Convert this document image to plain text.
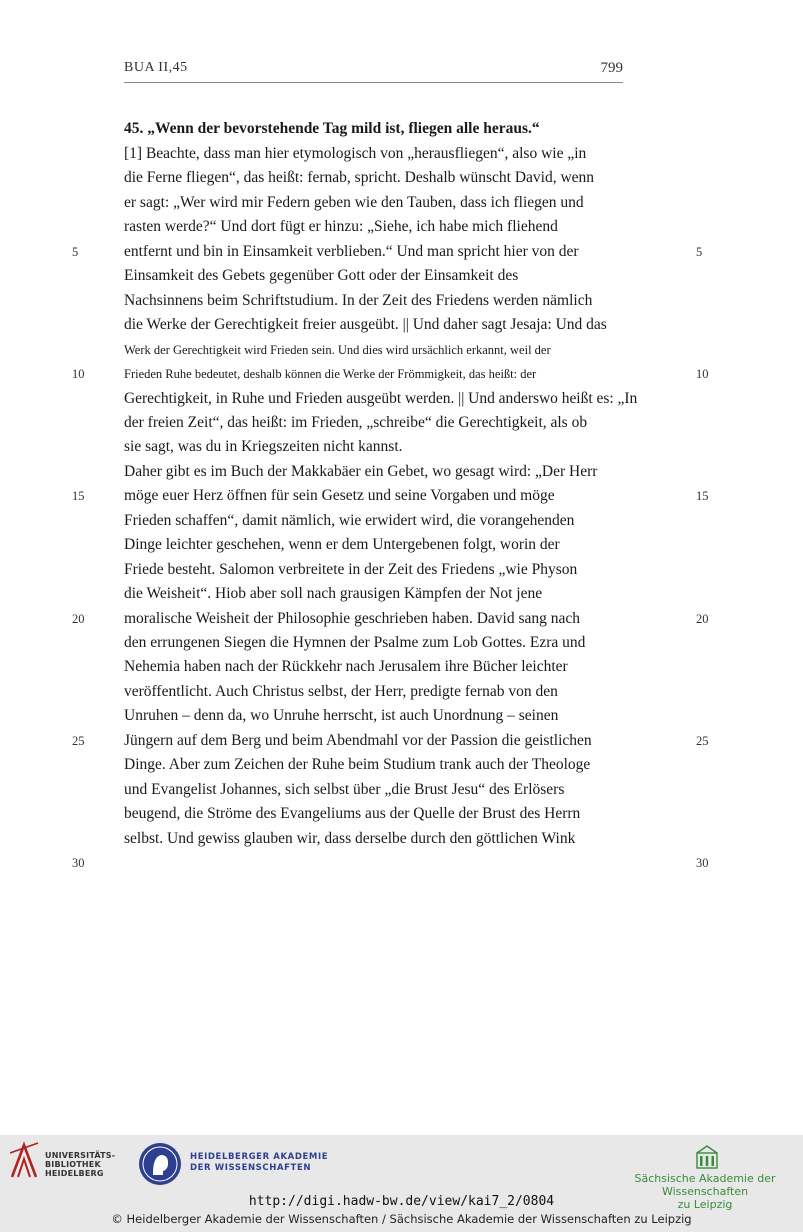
BUA II,45	799
45. „Wenn der bevorstehende Tag mild ist, fliegen alle heraus.“
[1] Beachte, dass man hier etymologisch von „herausfliegen“, also wie „in
die Ferne fliegen“, das heißt: fernab, spricht. Deshalb wünscht David, wenn
er sagt: „Wer wird mir Federn geben wie den Tauben, dass ich fliegen und
rasten werde?“ Und dort fügt er hinzu: „Siehe, ich habe mich fliehend
entfernt und bin in Einsamkeit verblieben.“ Und man spricht hier von der
Einsamkeit des Gebets gegenüber Gott oder der Einsamkeit des
Nachsinnens beim Schriftstudium. In der Zeit des Friedens werden nämlich
die Werke der Gerechtigkeit freier ausgeübt. || Und daher sagt Jesaja: Und das
Werk der Gerechtigkeit wird Frieden sein. Und dies wird ursächlich erkannt, weil der
Frieden Ruhe bedeutet, deshalb können die Werke der Frömmigkeit, das heißt: der
Gerechtigkeit, in Ruhe und Frieden ausgeübt werden. || Und anderswo heißt es: „In
der freien Zeit“, das heißt: im Frieden, „schreibe“ die Gerechtigkeit, als ob
sie sagt, was du in Kriegszeiten nicht kannst.
Daher gibt es im Buch der Makkabäer ein Gebet, wo gesagt wird: „Der Herr
möge euer Herz öffnen für sein Gesetz und seine Vorgaben und möge
Frieden schaffen“, damit nämlich, wie erwidert wird, die vorangehenden
Dinge leichter geschehen, wenn er dem Untergebenen folgt, worin der
Friede besteht. Salomon verbreitete in der Zeit des Friedens „wie Physon
die Weisheit“. Hiob aber soll nach grausigen Kämpfen der Not jene
moralische Weisheit der Philosophie geschrieben haben. David sang nach
den errungenen Siegen die Hymnen der Psalme zum Lob Gottes. Ezra und
Nehemia haben nach der Rückkehr nach Jerusalem ihre Bücher leichter
veröffentlicht. Auch Christus selbst, der Herr, predigte fernab von den
Unruhen – denn da, wo Unruhe herrscht, ist auch Unordnung – seinen
Jüngern auf dem Berg und beim Abendmahl vor der Passion die geistlichen
Dinge. Aber zum Zeichen der Ruhe beim Studium trank auch der Theologe
und Evangelist Johannes, sich selbst über „die Brust Jesu“ des Erlösers
beugend, die Ströme des Evangeliums aus der Quelle der Brust des Herrn
selbst. Und gewiss glauben wir, dass derselbe durch den göttlichen Wink
5	5
10	10
15	15
20	20
25	25
30	30
UNIVERSITÄTS-
BIBLIOTHEK
HEIDELBERG
HEIDELBERGER AKADEMIE
DER WISSENSCHAFTEN
Sächsische Akademie der Wissenschaften
zu Leipzig
http://digi.hadw-bw.de/view/kai7_2/0804
© Heidelberger Akademie der Wissenschaften / Sächsische Akademie der Wissenschaften zu Leipzig
